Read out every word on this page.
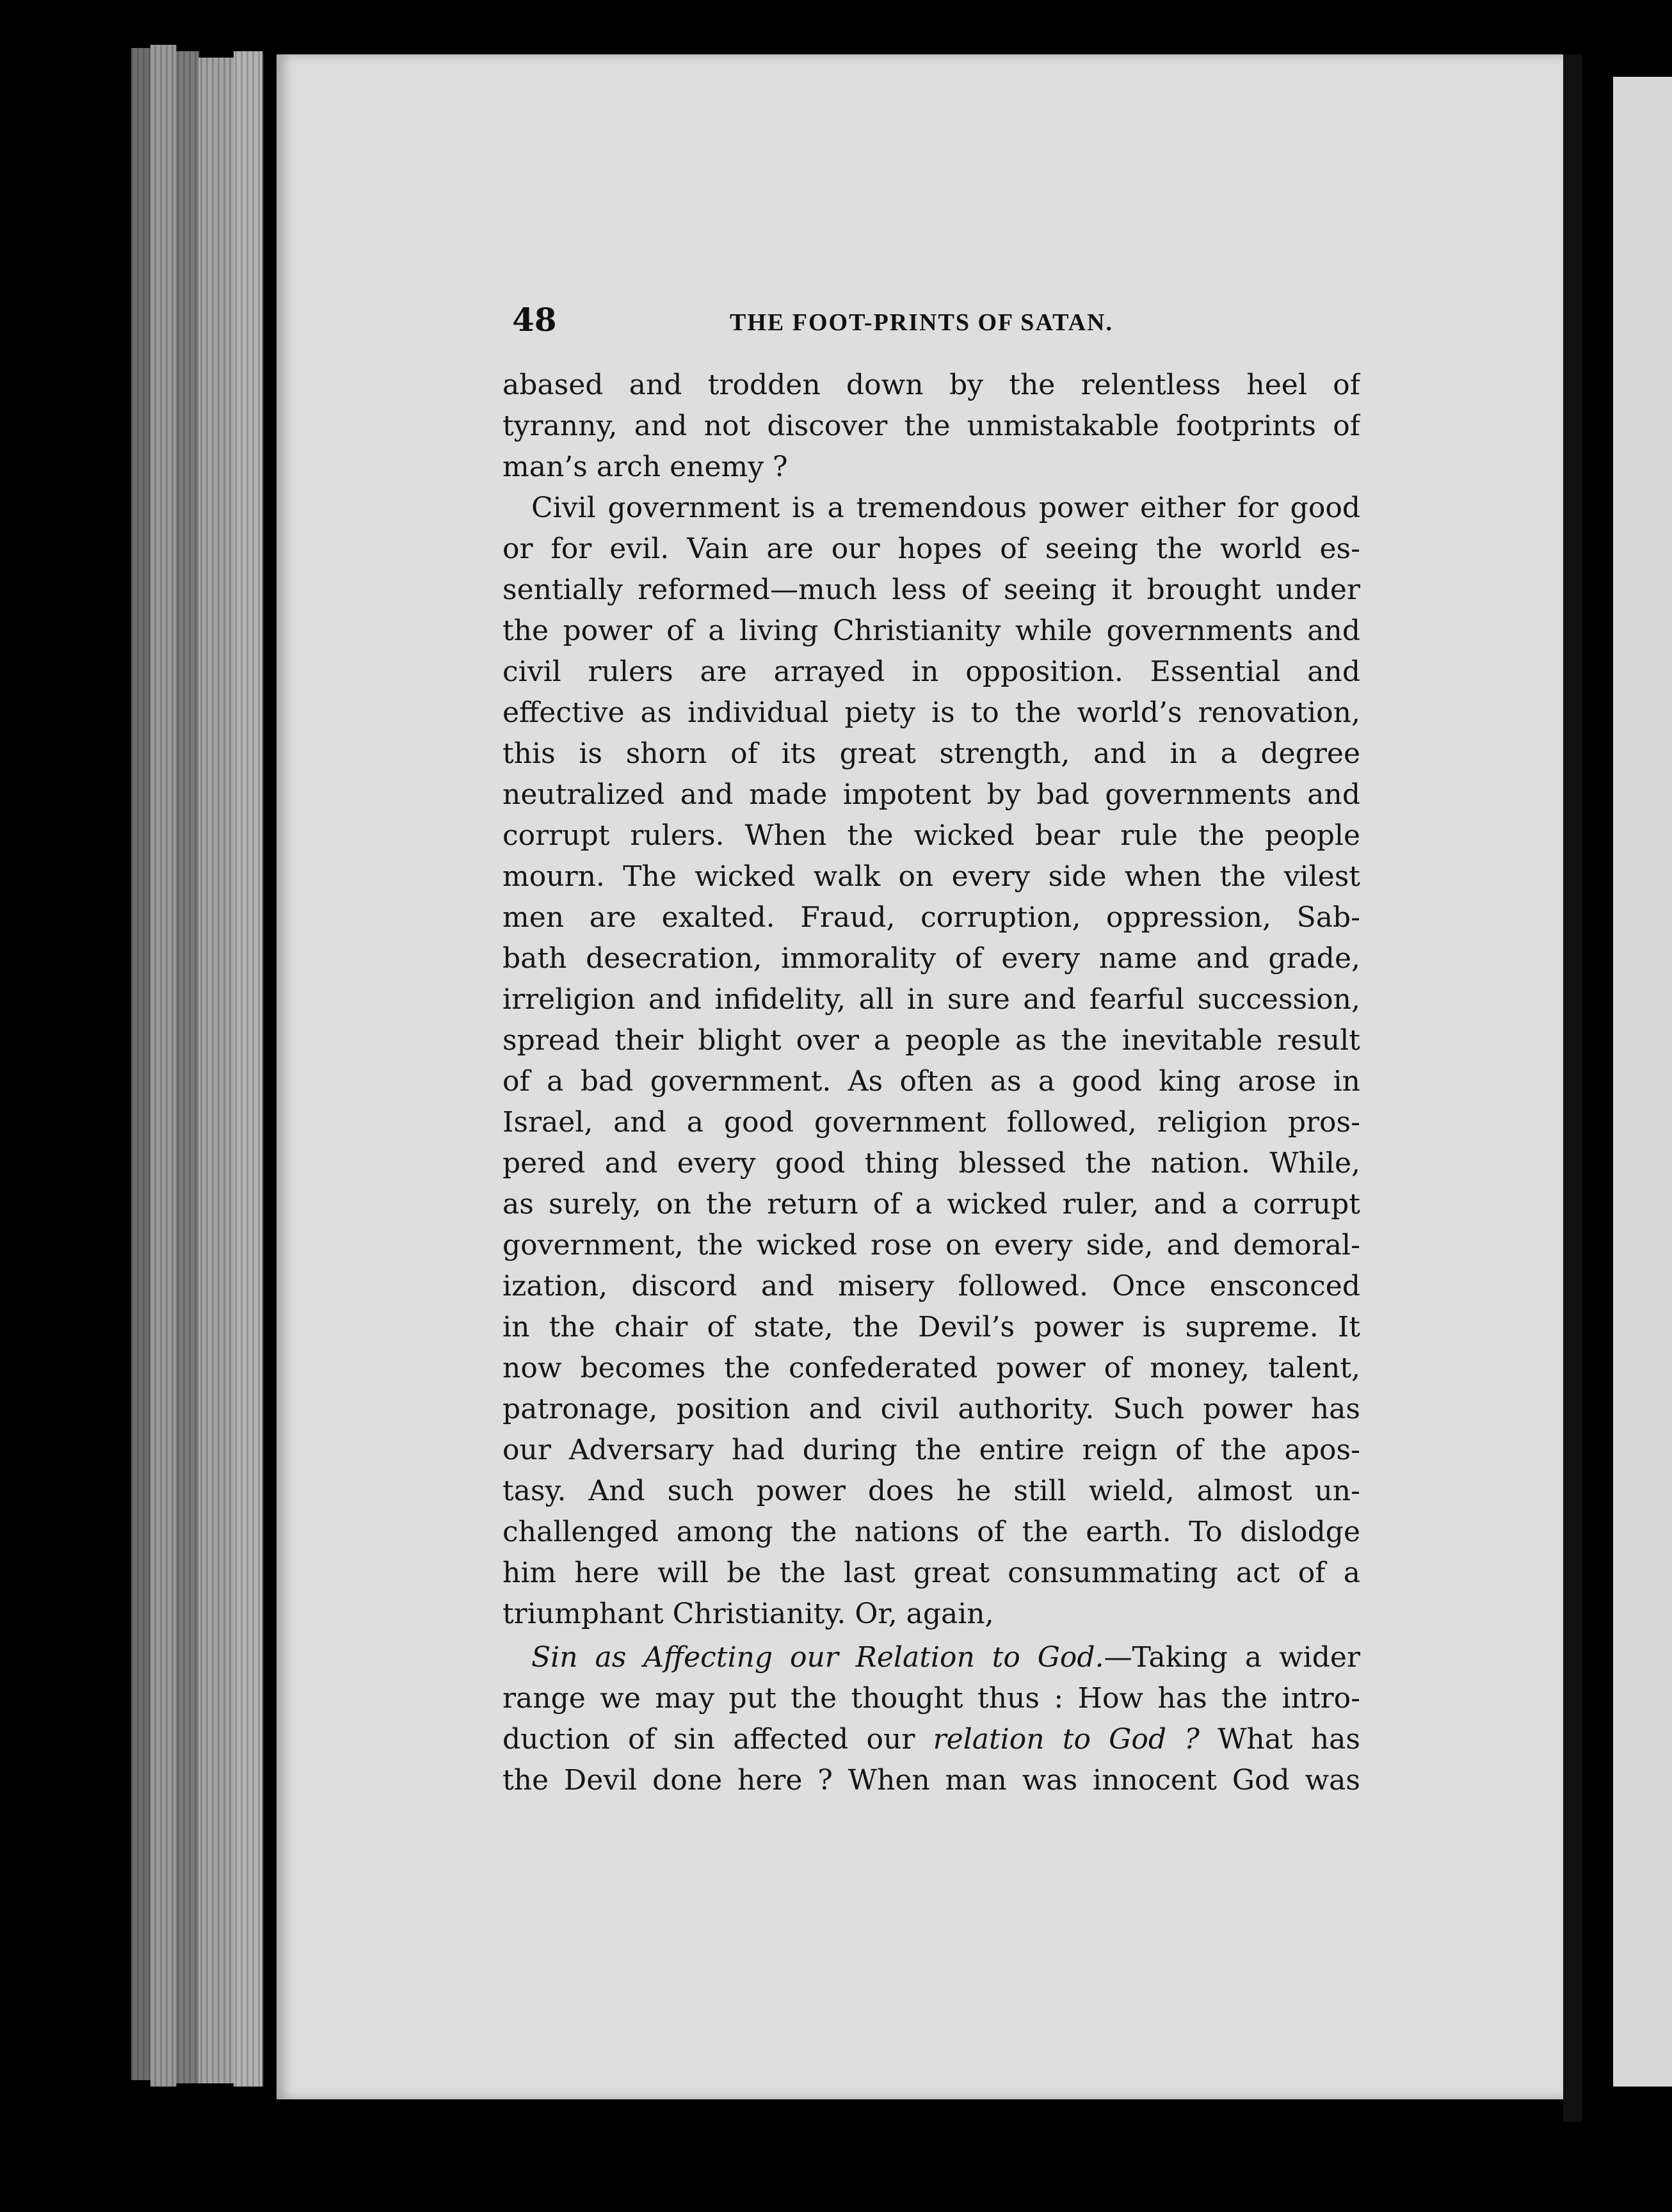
48	THE FOOT-PRINTS OF SATAN.
abased and trodden down by the relentless heel of
tyranny, and not discover the unmistakable footprints of
man’s arch enemy ?
Civil government is a tremendous power either for good
or for evil. Vain are our hopes of seeing the world es-
sentially reformed—much less of seeing it brought under
the power of a living Christianity while governments and
civil rulers are arrayed in opposition. Essential and
effective as individual piety is to the world’s renovation,
this is shorn of its great strength, and in a degree
neutralized and made impotent by bad governments and
corrupt rulers. When the wicked bear rule the people
mourn. The wicked walk on every side when the vilest
men are exalted. Fraud, corruption, oppression, Sab-
bath desecration, immorality of every name and grade,
irreligion and infidelity, all in sure and fearful succession,
spread their blight over a people as the inevitable result
of a bad government. As often as a good king arose in
Israel, and a good government followed, religion pros-
pered and every good thing blessed the nation. While,
as surely, on the return of a wicked ruler, and a corrupt
government, the wicked rose on every side, and demoral-
ization, discord and misery followed. Once ensconced
in the chair of state, the Devil’s power is supreme. It
now becomes the confederated power of money, talent,
patronage, position and civil authority. Such power has
our Adversary had during the entire reign of the apos-
tasy. And such power does he still wield, almost un-
challenged among the nations of the earth. To dislodge
him here will be the last great consummating act of a
triumphant Christianity. Or, again,
Sin as Affecting our Relation to God.—Taking a wider
range we may put the thought thus : How has the intro-
duction of sin affected our relation to God ? What has
the Devil done here ? When man was innocent God was
